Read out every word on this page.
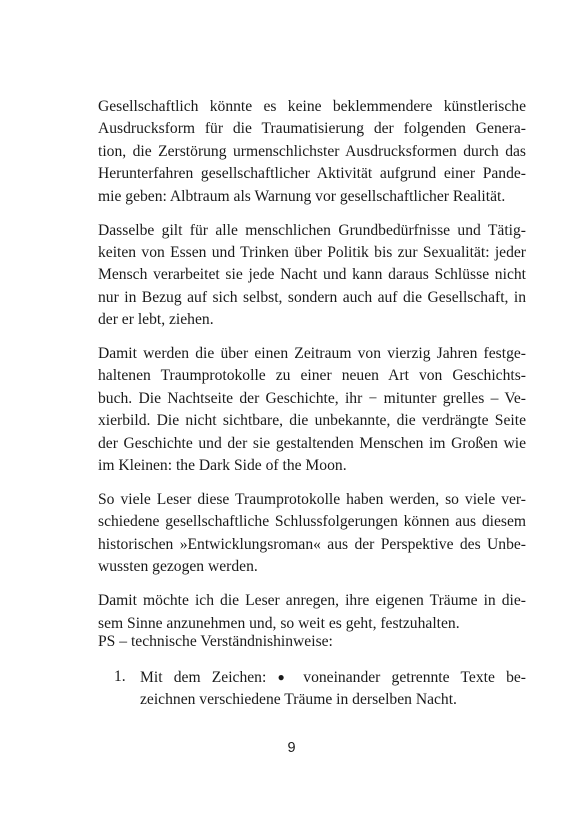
Gesellschaftlich könnte es keine beklemmendere künstlerische
Ausdrucksform für die Traumatisierung der folgenden Genera-
tion, die Zerstörung urmenschlichster Ausdrucksformen durch das
Herunterfahren gesellschaftlicher Aktivität aufgrund einer Pande-
mie geben: Albtraum als Warnung vor gesellschaftlicher Realität.

Dasselbe gilt für alle menschlichen Grundbedürfnisse und Tätig-
keiten von Essen und Trinken über Politik bis zur Sexualität: jeder
Mensch verarbeitet sie jede Nacht und kann daraus Schlüsse nicht
nur in Bezug auf sich selbst, sondern auch auf die Gesellschaft, in
der er lebt, ziehen.

Damit werden die über einen Zeitraum von vierzig Jahren festge-
haltenen Traumprotokolle zu einer neuen Art von Geschichts-
buch. Die Nachtseite der Geschichte, ihr − mitunter grelles – Ve-
xierbild. Die nicht sichtbare, die unbekannte, die verdrängte Seite
der Geschichte und der sie gestaltenden Menschen im Großen wie
im Kleinen: the Dark Side of the Moon.

So viele Leser diese Traumprotokolle haben werden, so viele ver-
schiedene gesellschaftliche Schlussfolgerungen können aus diesem
historischen »Entwicklungsroman« aus der Perspektive des Unbe-
wussten gezogen werden.

Damit möchte ich die Leser anregen, ihre eigenen Träume in die-
sem Sinne anzunehmen und, so weit es geht, festzuhalten.

PS – technische Verständnishinweise:

1. Mit dem Zeichen: ● voneinander getrennte Texte be-
zeichnen verschiedene Träume in derselben Nacht.
9
